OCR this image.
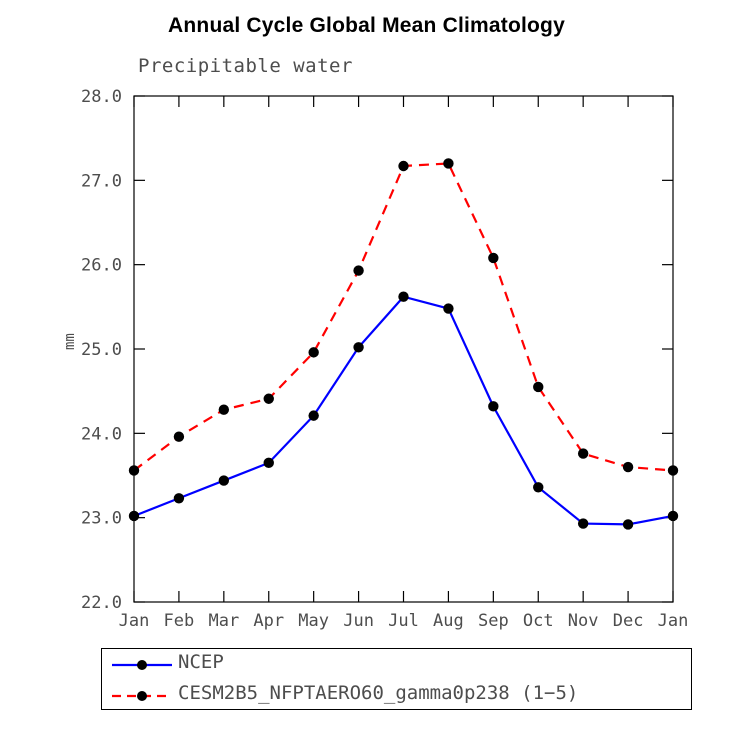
Annual Cycle Global Mean Climatology
Precipitable water
mm
22.0
23.0
24.0
25.0
26.0
27.0
28.0
Jan Feb Mar Apr May Jun Jul Aug Sep Oct Nov Dec Jan
NCEP
CESM2B5_NFPTAERO60_gamma0p238 (1−5)
